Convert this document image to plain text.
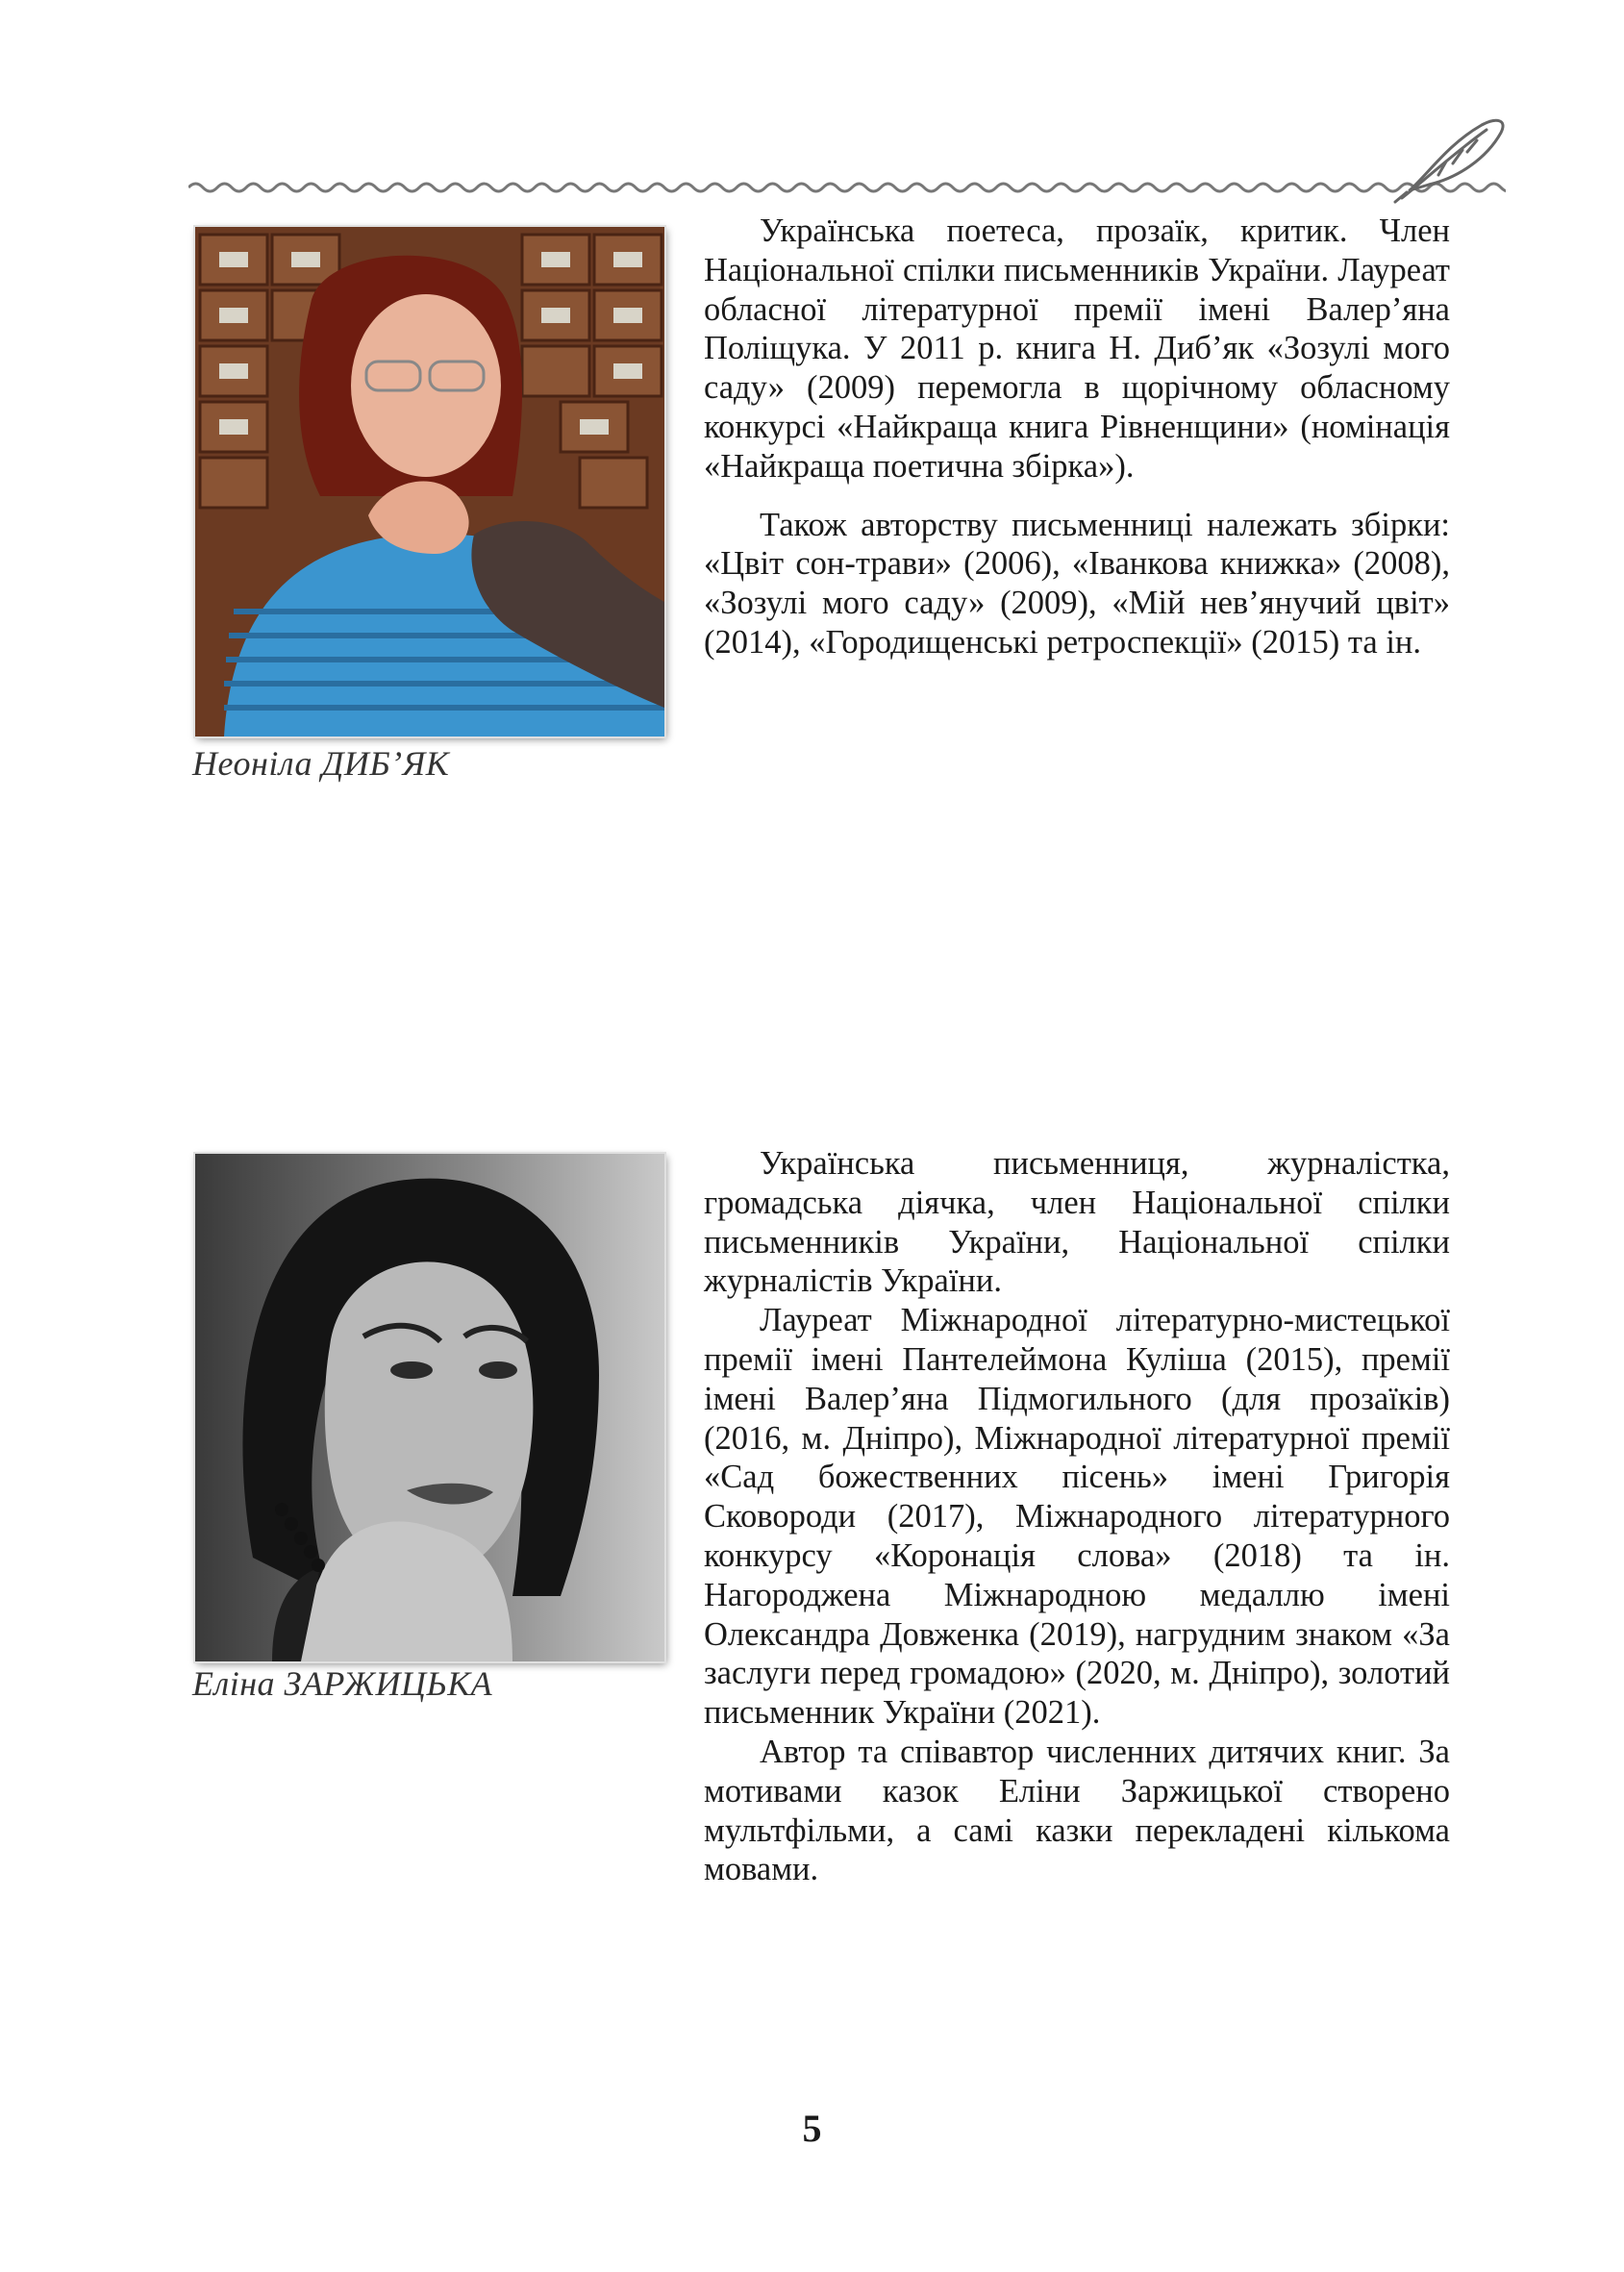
Неоніла ДИБ’ЯК

Українська поетеса, прозаїк, критик. Член Національної спілки письменників України. Лауреат обласної літературної премії імені Валер’яна Поліщука. У 2011 р. книга Н. Диб’як «Зозулі мого саду» (2009) перемогла в щорічному обласному конкурсі «Найкраща книга Рівненщини» (номінація «Найкраща поетична збірка»).

Також авторству письменниці належать збірки: «Цвіт сон-трави» (2006), «Іванкова книжка» (2008), «Зозулі мого саду» (2009), «Мій нев’янучий цвіт» (2014), «Городищенські ретроспекції» (2015) та ін.

Еліна ЗАРЖИЦЬКА

Українська письменниця, журналістка, громадська діячка, член Національної спілки письменників України, Національної спілки журналістів України.

Лауреат Міжнародної літературно-мистецької премії імені Пантелеймона Куліша (2015), премії імені Валер’яна Підмогильного (для прозаїків) (2016, м. Дніпро), Міжнародної літературної премії «Сад божественних пісень» імені Григорія Сковороди (2017), Міжнародного літературного конкурсу «Коронація слова» (2018) та ін. Нагороджена Міжнародною медаллю імені Олександра Довженка (2019), нагрудним знаком «За заслуги перед громадою» (2020, м. Дніпро), золотий письменник України (2021).

Автор та співавтор численних дитячих книг. За мотивами казок Еліни Заржицької створено мультфільми, а самі казки перекладені кількома мовами.

5
